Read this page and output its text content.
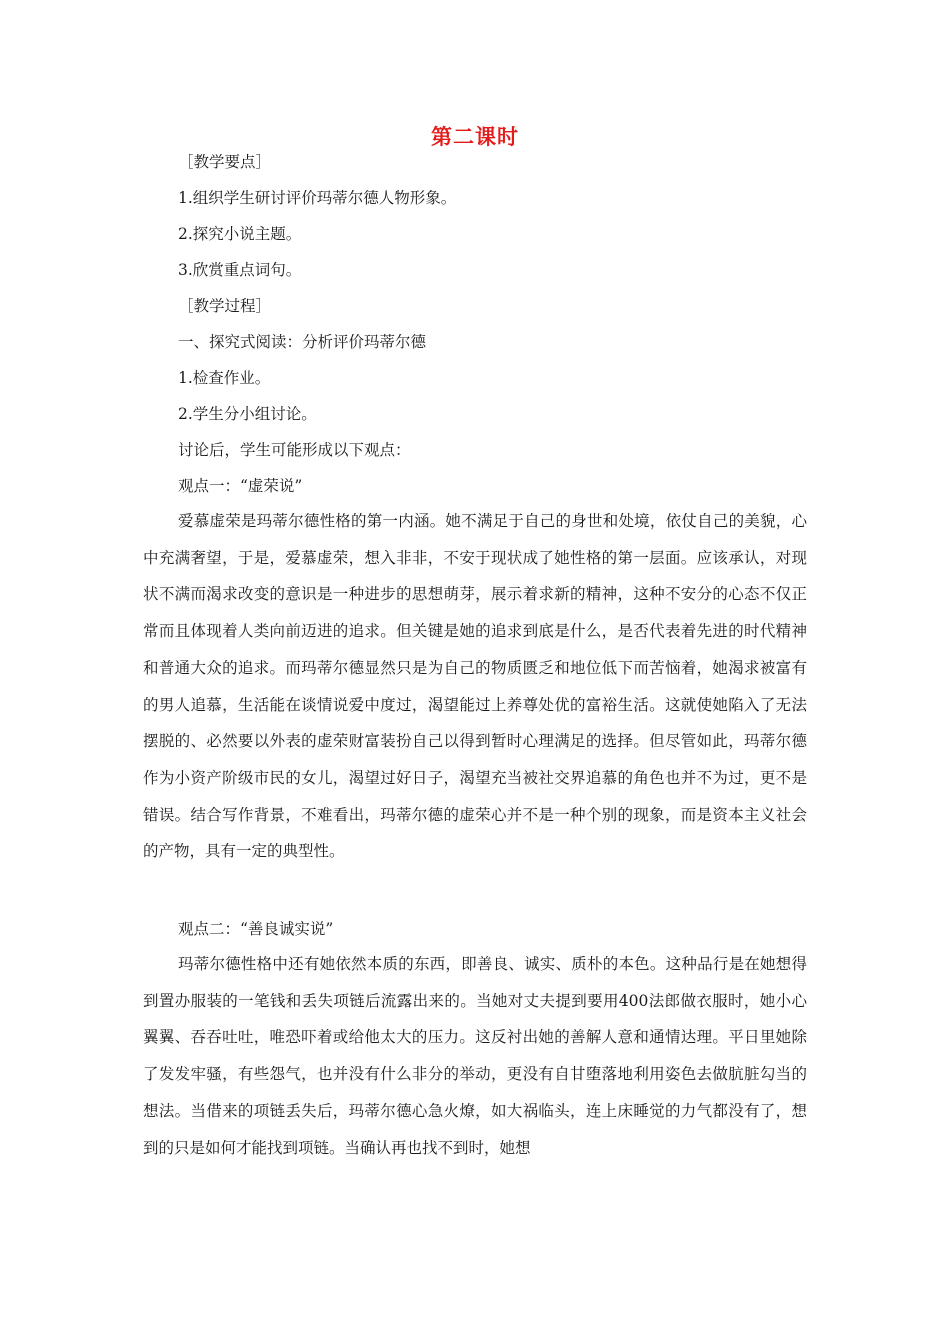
第二课时
［教学要点］
1.组织学生研讨评价玛蒂尔德人物形象。
2.探究小说主题。
3.欣赏重点词句。
［教学过程］
一、探究式阅读：分析评价玛蒂尔德
1.检查作业。
2.学生分小组讨论。
讨论后，学生可能形成以下观点：
观点一：“虚荣说”

爱慕虚荣是玛蒂尔德性格的第一内涵。她不满足于自己的身世和处境，依仗自己的美貌，心中充满奢望，于是，爱慕虚荣，想入非非，不安于现状成了她性格的第一层面。应该承认，对现状不满而渴求改变的意识是一种进步的思想萌芽，展示着求新的精神，这种不安分的心态不仅正常而且体现着人类向前迈进的追求。但关键是她的追求到底是什么，是否代表着先进的时代精神和普通大众的追求。而玛蒂尔德显然只是为自己的物质匮乏和地位低下而苦恼着，她渴求被富有的男人追慕，生活能在谈情说爱中度过，渴望能过上养尊处优的富裕生活。这就使她陷入了无法摆脱的、必然要以外表的虚荣财富装扮自己以得到暂时心理满足的选择。但尽管如此，玛蒂尔德作为小资产阶级市民的女儿，渴望过好日子，渴望充当被社交界追慕的角色也并不为过，更不是错误。结合写作背景，不难看出，玛蒂尔德的虚荣心并不是一种个别的现象，而是资本主义社会的产物，具有一定的典型性。

观点二：“善良诚实说”

玛蒂尔德性格中还有她依然本质的东西，即善良、诚实、质朴的本色。这种品行是在她想得到置办服装的一笔钱和丢失项链后流露出来的。当她对丈夫提到要用400法郎做衣服时，她小心翼翼、吞吞吐吐，唯恐吓着或给他太大的压力。这反衬出她的善解人意和通情达理。平日里她除了发发牢骚，有些怨气，也并没有什么非分的举动，更没有自甘堕落地利用姿色去做肮脏勾当的想法。当借来的项链丢失后，玛蒂尔德心急火燎，如大祸临头，连上床睡觉的力气都没有了，想到的只是如何才能找到项链。当确认再也找不到时，她想
